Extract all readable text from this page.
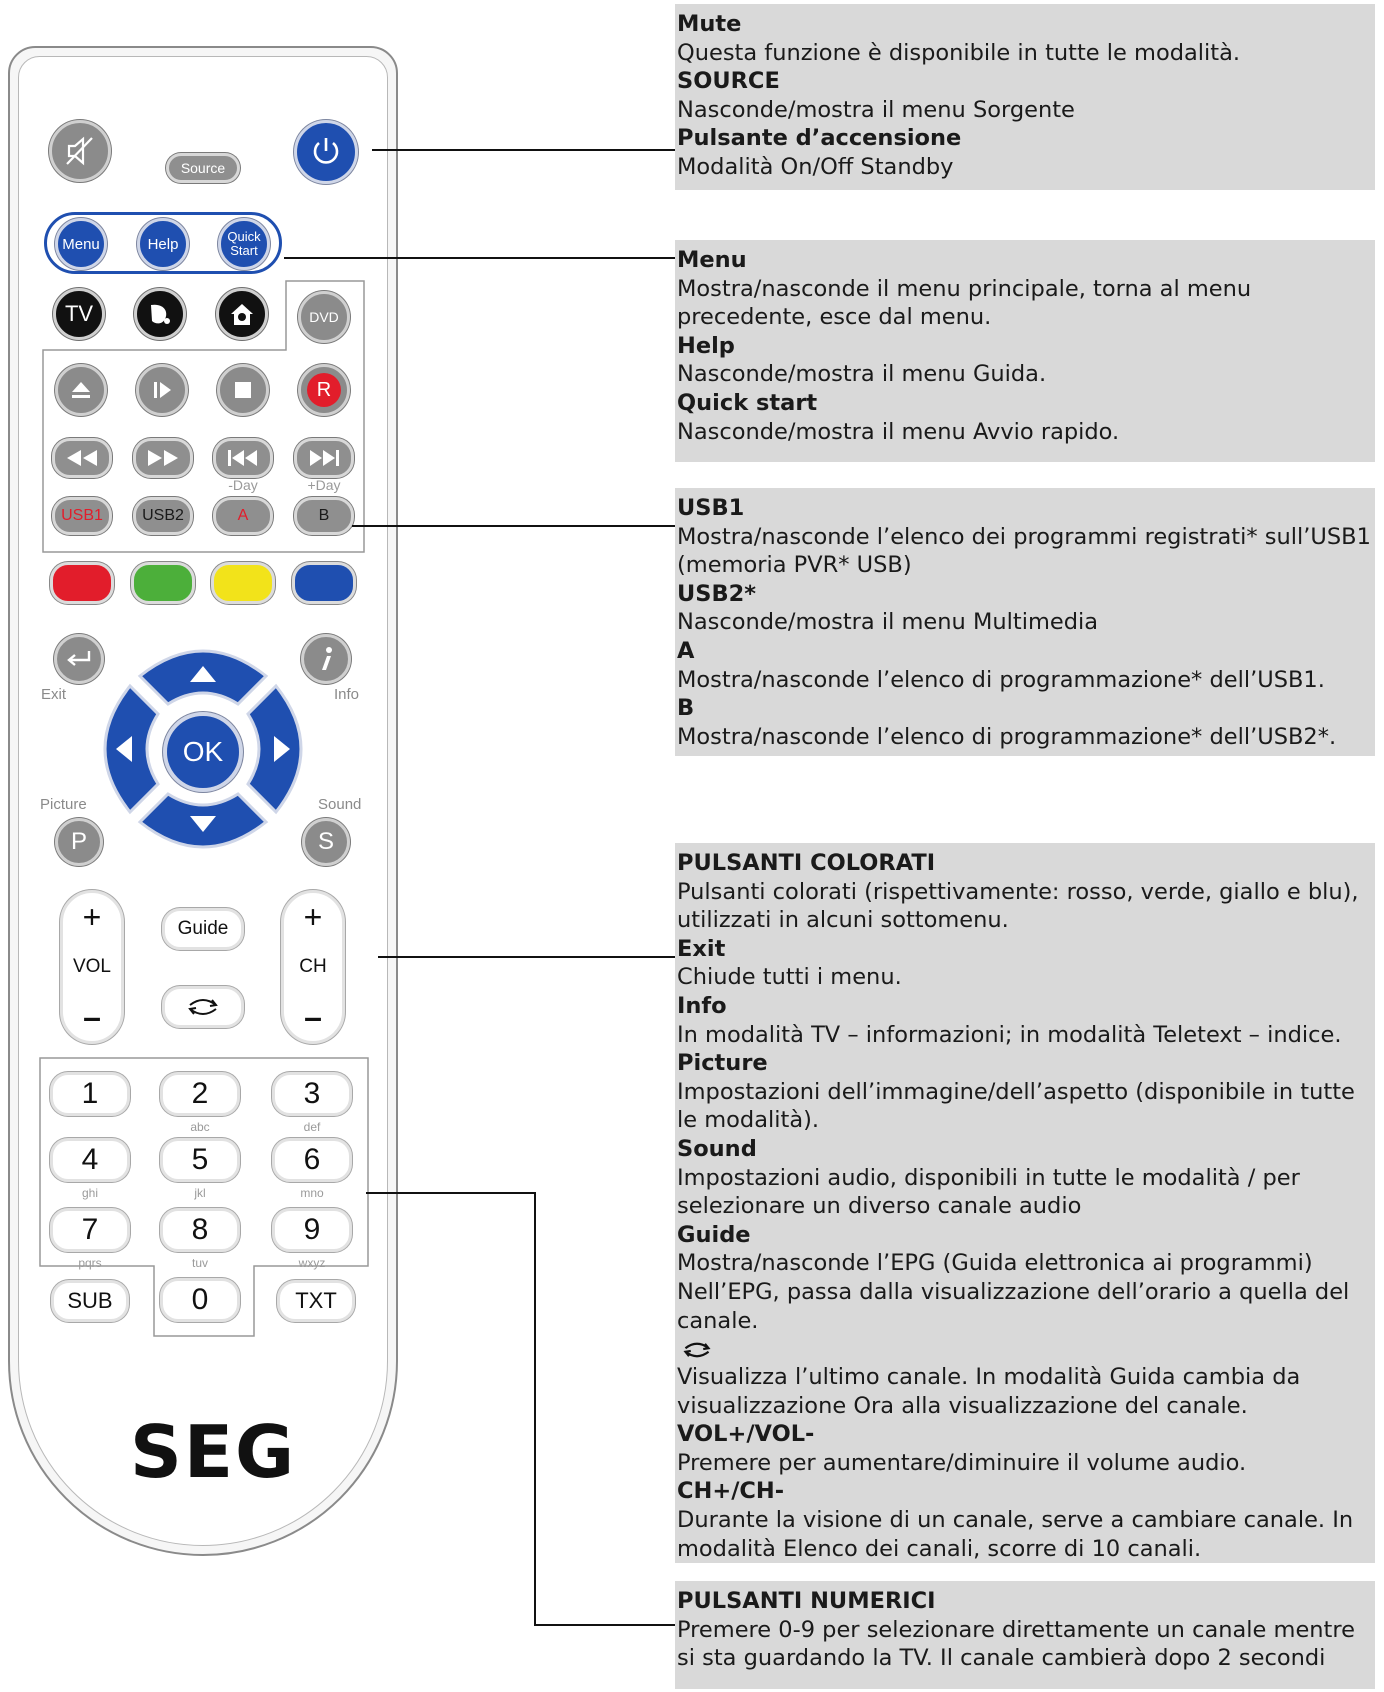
Source
Menu	Help	Quick
Start
TV	DVD
R
-Day	+Day
USB1 USB2	A	B
Exit	Info
OK
Picture
P
Sound
S
+
VOL
–
+
CH
–
Guide
1	2
abc
3
def
4
ghi
5
jkl
6
mno
7
pqrs
8
tuv
9
wxyz
0
SUB	TXT
SEG
Mute
Questa funzione è disponibile in tutte le modalità.
SOURCE
Nasconde/mostra il menu Sorgente
Pulsante d’accensione
Modalità On/Off Standby
Menu
Mostra/nasconde il menu principale, torna al menu precedente, esce dal menu.
Help
Nasconde/mostra il menu Guida.
Quick start
Nasconde/mostra il menu Avvio rapido.
USB1
Mostra/nasconde l’elenco dei programmi registrati* sull’USB1 (memoria PVR* USB)
USB2*
Nasconde/mostra il menu Multimedia
A
Mostra/nasconde l’elenco di programmazione* dell’USB1.
B
Mostra/nasconde l’elenco di programmazione* dell’USB2*.
PULSANTI COLORATI
Pulsanti colorati (rispettivamente: rosso, verde, giallo e blu), utilizzati in alcuni sottomenu.
Exit
Chiude tutti i menu.
Info
In modalità TV – informazioni; in modalità Teletext – indice.
Picture
Impostazioni dell’immagine/dell’aspetto (disponibile in tutte le modalità).
Sound
Impostazioni audio, disponibili in tutte le modalità / per selezionare un diverso canale audio
Guide
Mostra/nasconde l’EPG (Guida elettronica ai programmi) Nell’EPG, passa dalla visualizzazione dell’orario a quella del canale.
Visualizza l’ultimo canale. In modalità Guida cambia da visualizzazione Ora alla visualizzazione del canale.
VOL+/VOL-
Premere per aumentare/diminuire il volume audio.
CH+/CH-
Durante la visione di un canale, serve a cambiare canale. In modalità Elenco dei canali, scorre di 10 canali.
PULSANTI NUMERICI
Premere 0-9 per selezionare direttamente un canale mentre si sta guardando la TV. Il canale cambierà dopo 2 secondi
